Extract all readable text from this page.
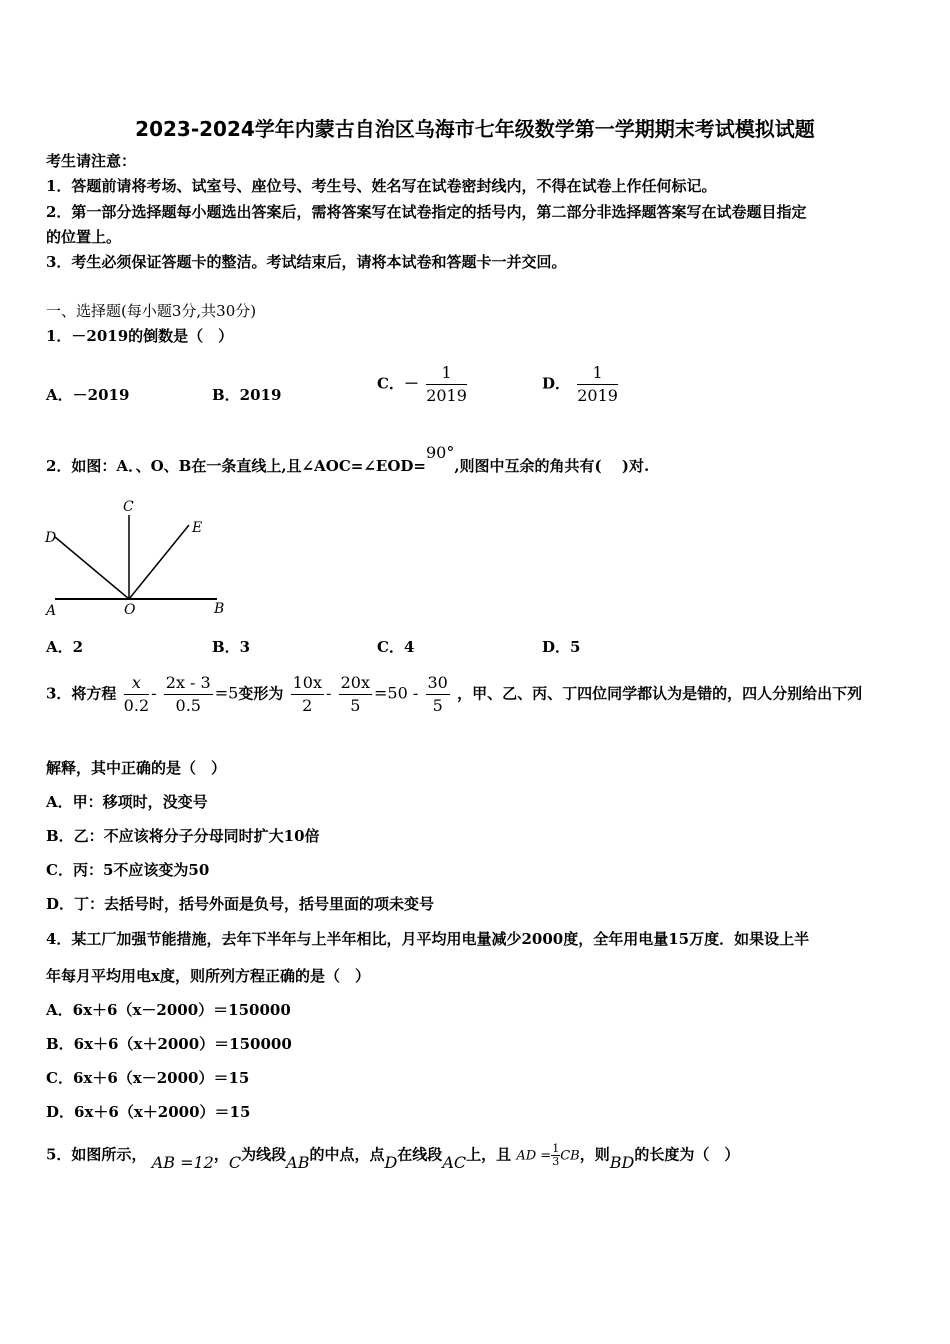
2023-2024学年内蒙古自治区乌海市七年级数学第一学期期末考试模拟试题
考生请注意：
1．答题前请将考场、试室号、座位号、考生号、姓名写在试卷密封线内，不得在试卷上作任何标记。
2．第一部分选择题每小题选出答案后，需将答案写在试卷指定的括号内，第二部分非选择题答案写在试卷题目指定
的位置上。
3．考生必须保证答题卡的整洁。考试结束后，请将本试卷和答题卡一并交回。
一、选择题(每小题3分,共30分)
1．－2019的倒数是（　）
A．－2019	B．2019
C．－ $\frac{1}{2019}$	D． $\frac{1}{2019}$
2．如图：A．、O、B在一条直线上,且∠AOC=∠EOD=90°,则图中互余的角共有(　 )对.
C
D
E
A	O	B
A．2	B．3	C．4	D．5
3．将方程 $\frac{x}{0.2} - \frac{2x - 3}{0.5} =5$变形为 $\frac{10x}{2} - \frac{20x}{5} =50 - \frac{30}{5}$ ，甲、乙、丙、丁四位同学都认为是错的，四人分别给出下列
解释，其中正确的是（　）
A．甲：移项时，没变号
B．乙：不应该将分子分母同时扩大10倍
C．丙：5不应该变为50
D．丁：去括号时，括号外面是负号，括号里面的项未变号
4．某工厂加强节能措施，去年下半年与上半年相比，月平均用电量减少2000度，全年用电量15万度．如果设上半
年每月平均用电x度，则所列方程正确的是（　）
A．6x＋6（x－2000）＝150000
B．6x＋6（x＋2000）＝150000
C．6x＋6（x－2000）＝15
D．6x＋6（x＋2000）＝15
5．如图所示， AB =12，C为线段AB的中点，点D在线段AC上，且 AD = $\frac{1}{3}$ CB，则BD的长度为（　）
